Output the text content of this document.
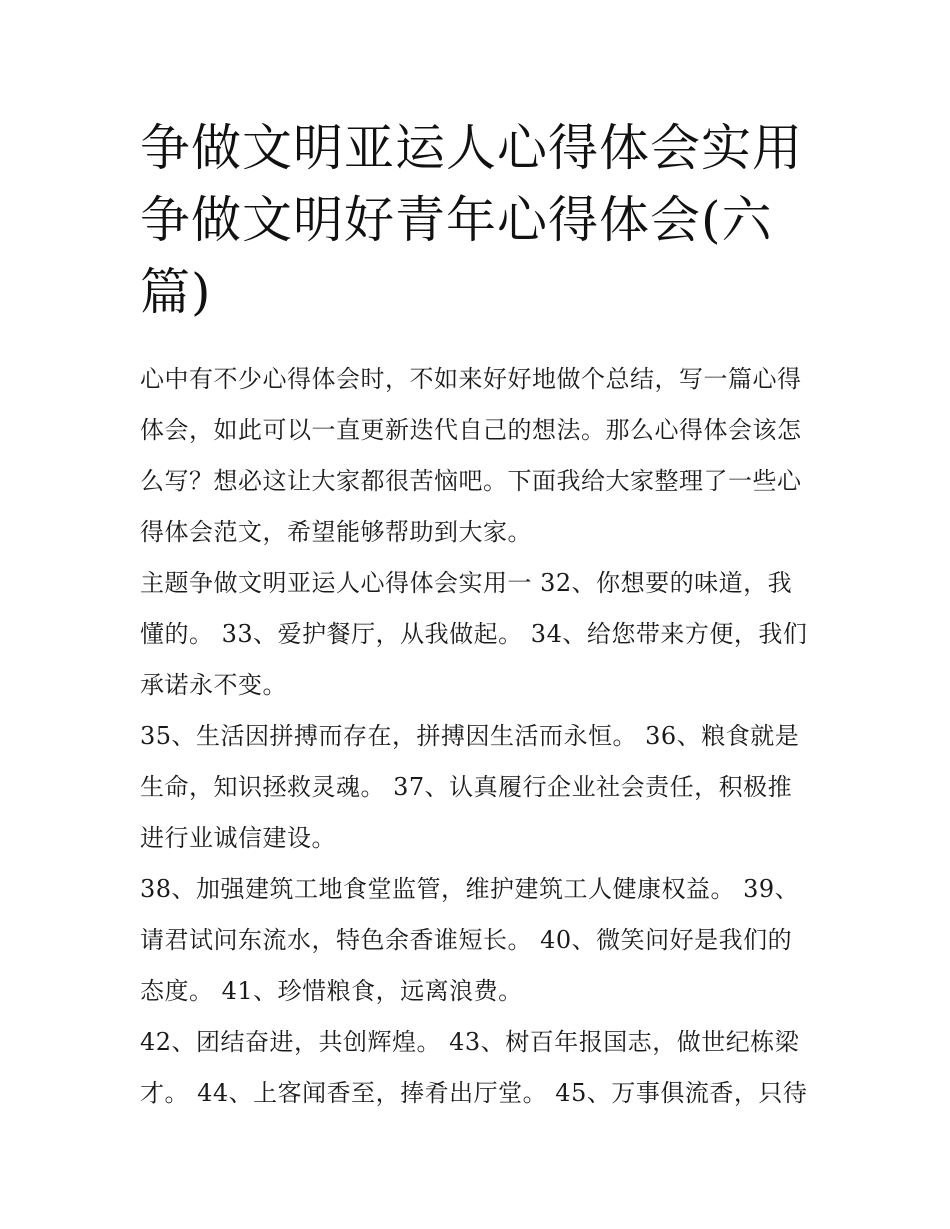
争做文明亚运人心得体会实用争做文明好青年心得体会(六篇)

心中有不少心得体会时，不如来好好地做个总结，写一篇心得体会，如此可以一直更新迭代自己的想法。那么心得体会该怎么写？想必这让大家都很苦恼吧。下面我给大家整理了一些心得体会范文，希望能够帮助到大家。

主题争做文明亚运人心得体会实用一 32、你想要的味道，我懂的。 33、爱护餐厅，从我做起。 34、给您带来方便，我们承诺永不变。

35、生活因拼搏而存在，拼搏因生活而永恒。 36、粮食就是生命，知识拯救灵魂。 37、认真履行企业社会责任，积极推进行业诚信建设。

38、加强建筑工地食堂监管，维护建筑工人健康权益。 39、请君试问东流水，特色余香谁短长。 40、微笑问好是我们的态度。 41、珍惜粮食，远离浪费。

42、团结奋进，共创辉煌。 43、树百年报国志，做世纪栋梁才。 44、上客闻香至，捧肴出厅堂。 45、万事俱流香，只待
